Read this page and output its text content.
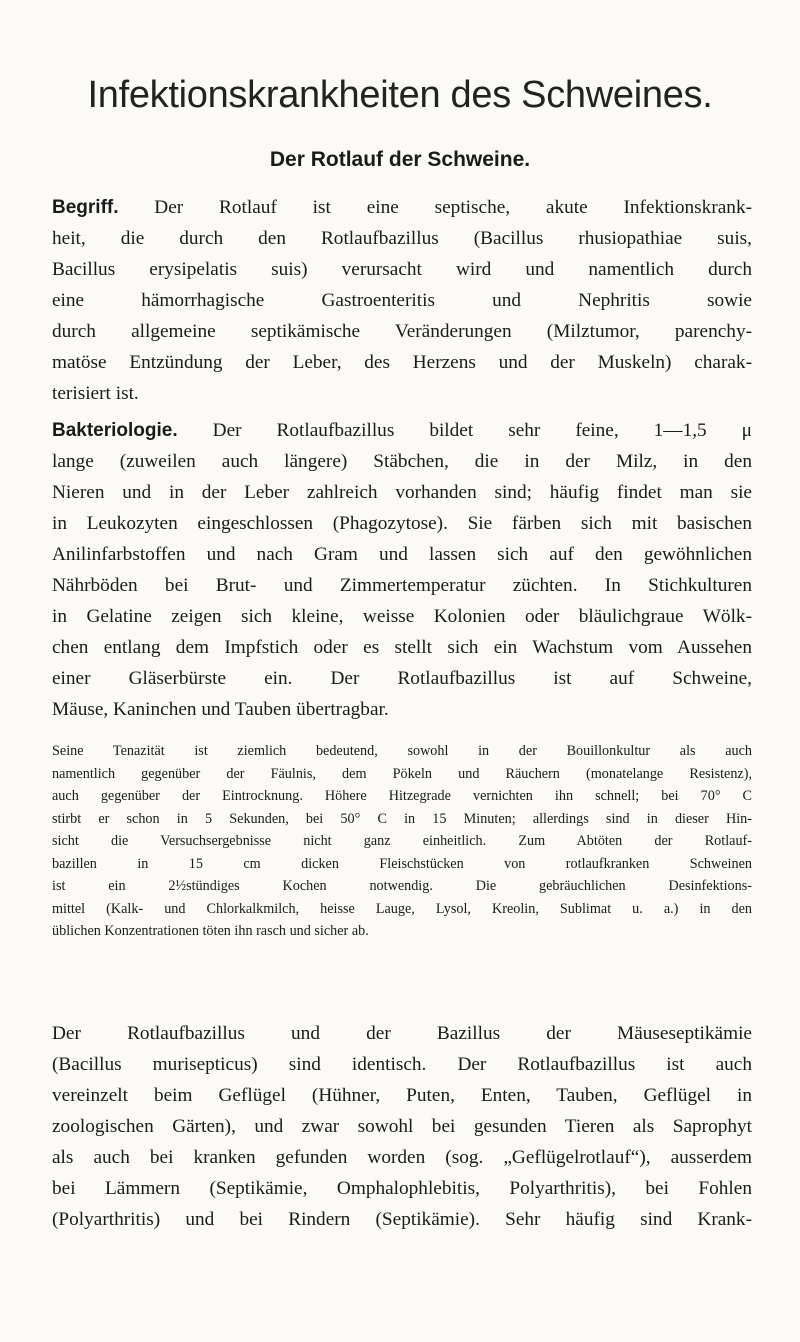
Infektionskrankheiten des Schweines.
Der Rotlauf der Schweine.
Begriff. Der Rotlauf ist eine septische, akute Infektionskrank-
heit, die durch den Rotlaufbazillus (Bacillus rhusiopathiae suis,
Bacillus erysipelatis suis) verursacht wird und namentlich durch
eine hämorrhagische Gastroenteritis und Nephritis sowie
durch allgemeine septikämische Veränderungen (Milztumor, parenchy-
matöse Entzündung der Leber, des Herzens und der Muskeln) charak-
terisiert ist.
Bakteriologie. Der Rotlaufbazillus bildet sehr feine, 1—1,5 μ
lange (zuweilen auch längere) Stäbchen, die in der Milz, in den
Nieren und in der Leber zahlreich vorhanden sind; häufig findet man sie
in Leukozyten eingeschlossen (Phagozytose). Sie färben sich mit basischen
Anilinfarbstoffen und nach Gram und lassen sich auf den gewöhnlichen
Nährböden bei Brut- und Zimmertemperatur züchten. In Stichkulturen
in Gelatine zeigen sich kleine, weisse Kolonien oder bläulichgraue Wölk-
chen entlang dem Impfstich oder es stellt sich ein Wachstum vom Aussehen
einer Gläserbürste ein. Der Rotlaufbazillus ist auf Schweine,
Mäuse, Kaninchen und Tauben übertragbar.
Seine Tenazität ist ziemlich bedeutend, sowohl in der Bouillonkultur als auch
namentlich gegenüber der Fäulnis, dem Pökeln und Räuchern (monatelange Resistenz),
auch gegenüber der Eintrocknung. Höhere Hitzegrade vernichten ihn schnell; bei 70° C
stirbt er schon in 5 Sekunden, bei 50° C in 15 Minuten; allerdings sind in dieser Hin-
sicht die Versuchsergebnisse nicht ganz einheitlich. Zum Abtöten der Rotlauf-
bazillen in 15 cm dicken Fleischstücken von rotlaufkranken Schweinen
ist ein 2½stündiges Kochen notwendig. Die gebräuchlichen Desinfektions-
mittel (Kalk- und Chlorkalkmilch, heisse Lauge, Lysol, Kreolin, Sublimat u. a.) in den
üblichen Konzentrationen töten ihn rasch und sicher ab.
Der Rotlaufbazillus und der Bazillus der Mäuseseptikämie
(Bacillus murisepticus) sind identisch. Der Rotlaufbazillus ist auch
vereinzelt beim Geflügel (Hühner, Puten, Enten, Tauben, Geflügel in
zoologischen Gärten), und zwar sowohl bei gesunden Tieren als Saprophyt
als auch bei kranken gefunden worden (sog. „Geflügelrotlauf“), ausserdem
bei Lämmern (Septikämie, Omphalophlebitis, Polyarthritis), bei Fohlen
(Polyarthritis) und bei Rindern (Septikämie). Sehr häufig sind Krank-
